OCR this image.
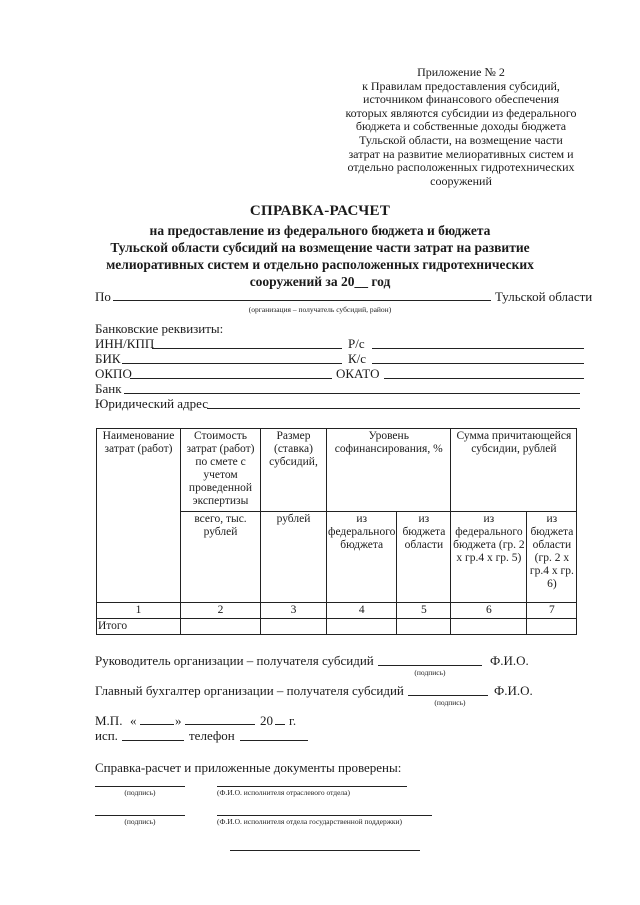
Приложение № 2
к Правилам предоставления субсидий,
источником финансового обеспечения
которых являются субсидии из федерального
бюджета и собственные доходы бюджета
Тульской области, на возмещение части
затрат на развитие мелиоративных систем и
отдельно расположенных гидротехнических
сооружений
СПРАВКА-РАСЧЕТ
на предоставление из федерального бюджета и бюджета
Тульской области субсидий на возмещение части затрат на развитие
мелиоративных систем и отдельно расположенных гидротехнических
сооружений за 20__ год
По	Тульской области
(организация – получатель субсидий, район)
Банковские реквизиты:
ИНН/КПП	Р/с
БИК	К/с
ОКПО	ОКАТО
Банк
Юридический адрес
Наименование затрат (работ)	Стоимость затрат (работ) по смете с учетом проведенной экспертизы	Размер (ставка) субсидий,	Уровень софинансирования, %		Сумма причитающейся субсидии, рублей	
	всего, тыс. рублей	рублей	из федерального бюджета	из бюджета области	из федерального бюджета (гр. 2 х гр.4 х гр. 5)	из бюджета области (гр. 2 х гр.4 х гр. 6)
1	2	3	4	5	6	7
Итого						
Руководитель организации – получателя субсидий	Ф.И.О.
(подпись)
Главный бухгалтер организации – получателя субсидий	Ф.И.О.
(подпись)
М.П. «	»	20 г.
исп.	телефон
Справка-расчет и приложенные документы проверены:
(подпись)	(Ф.И.О. исполнителя отраслевого отдела)
(подпись)	(Ф.И.О. исполнителя отдела государственной поддержки)
